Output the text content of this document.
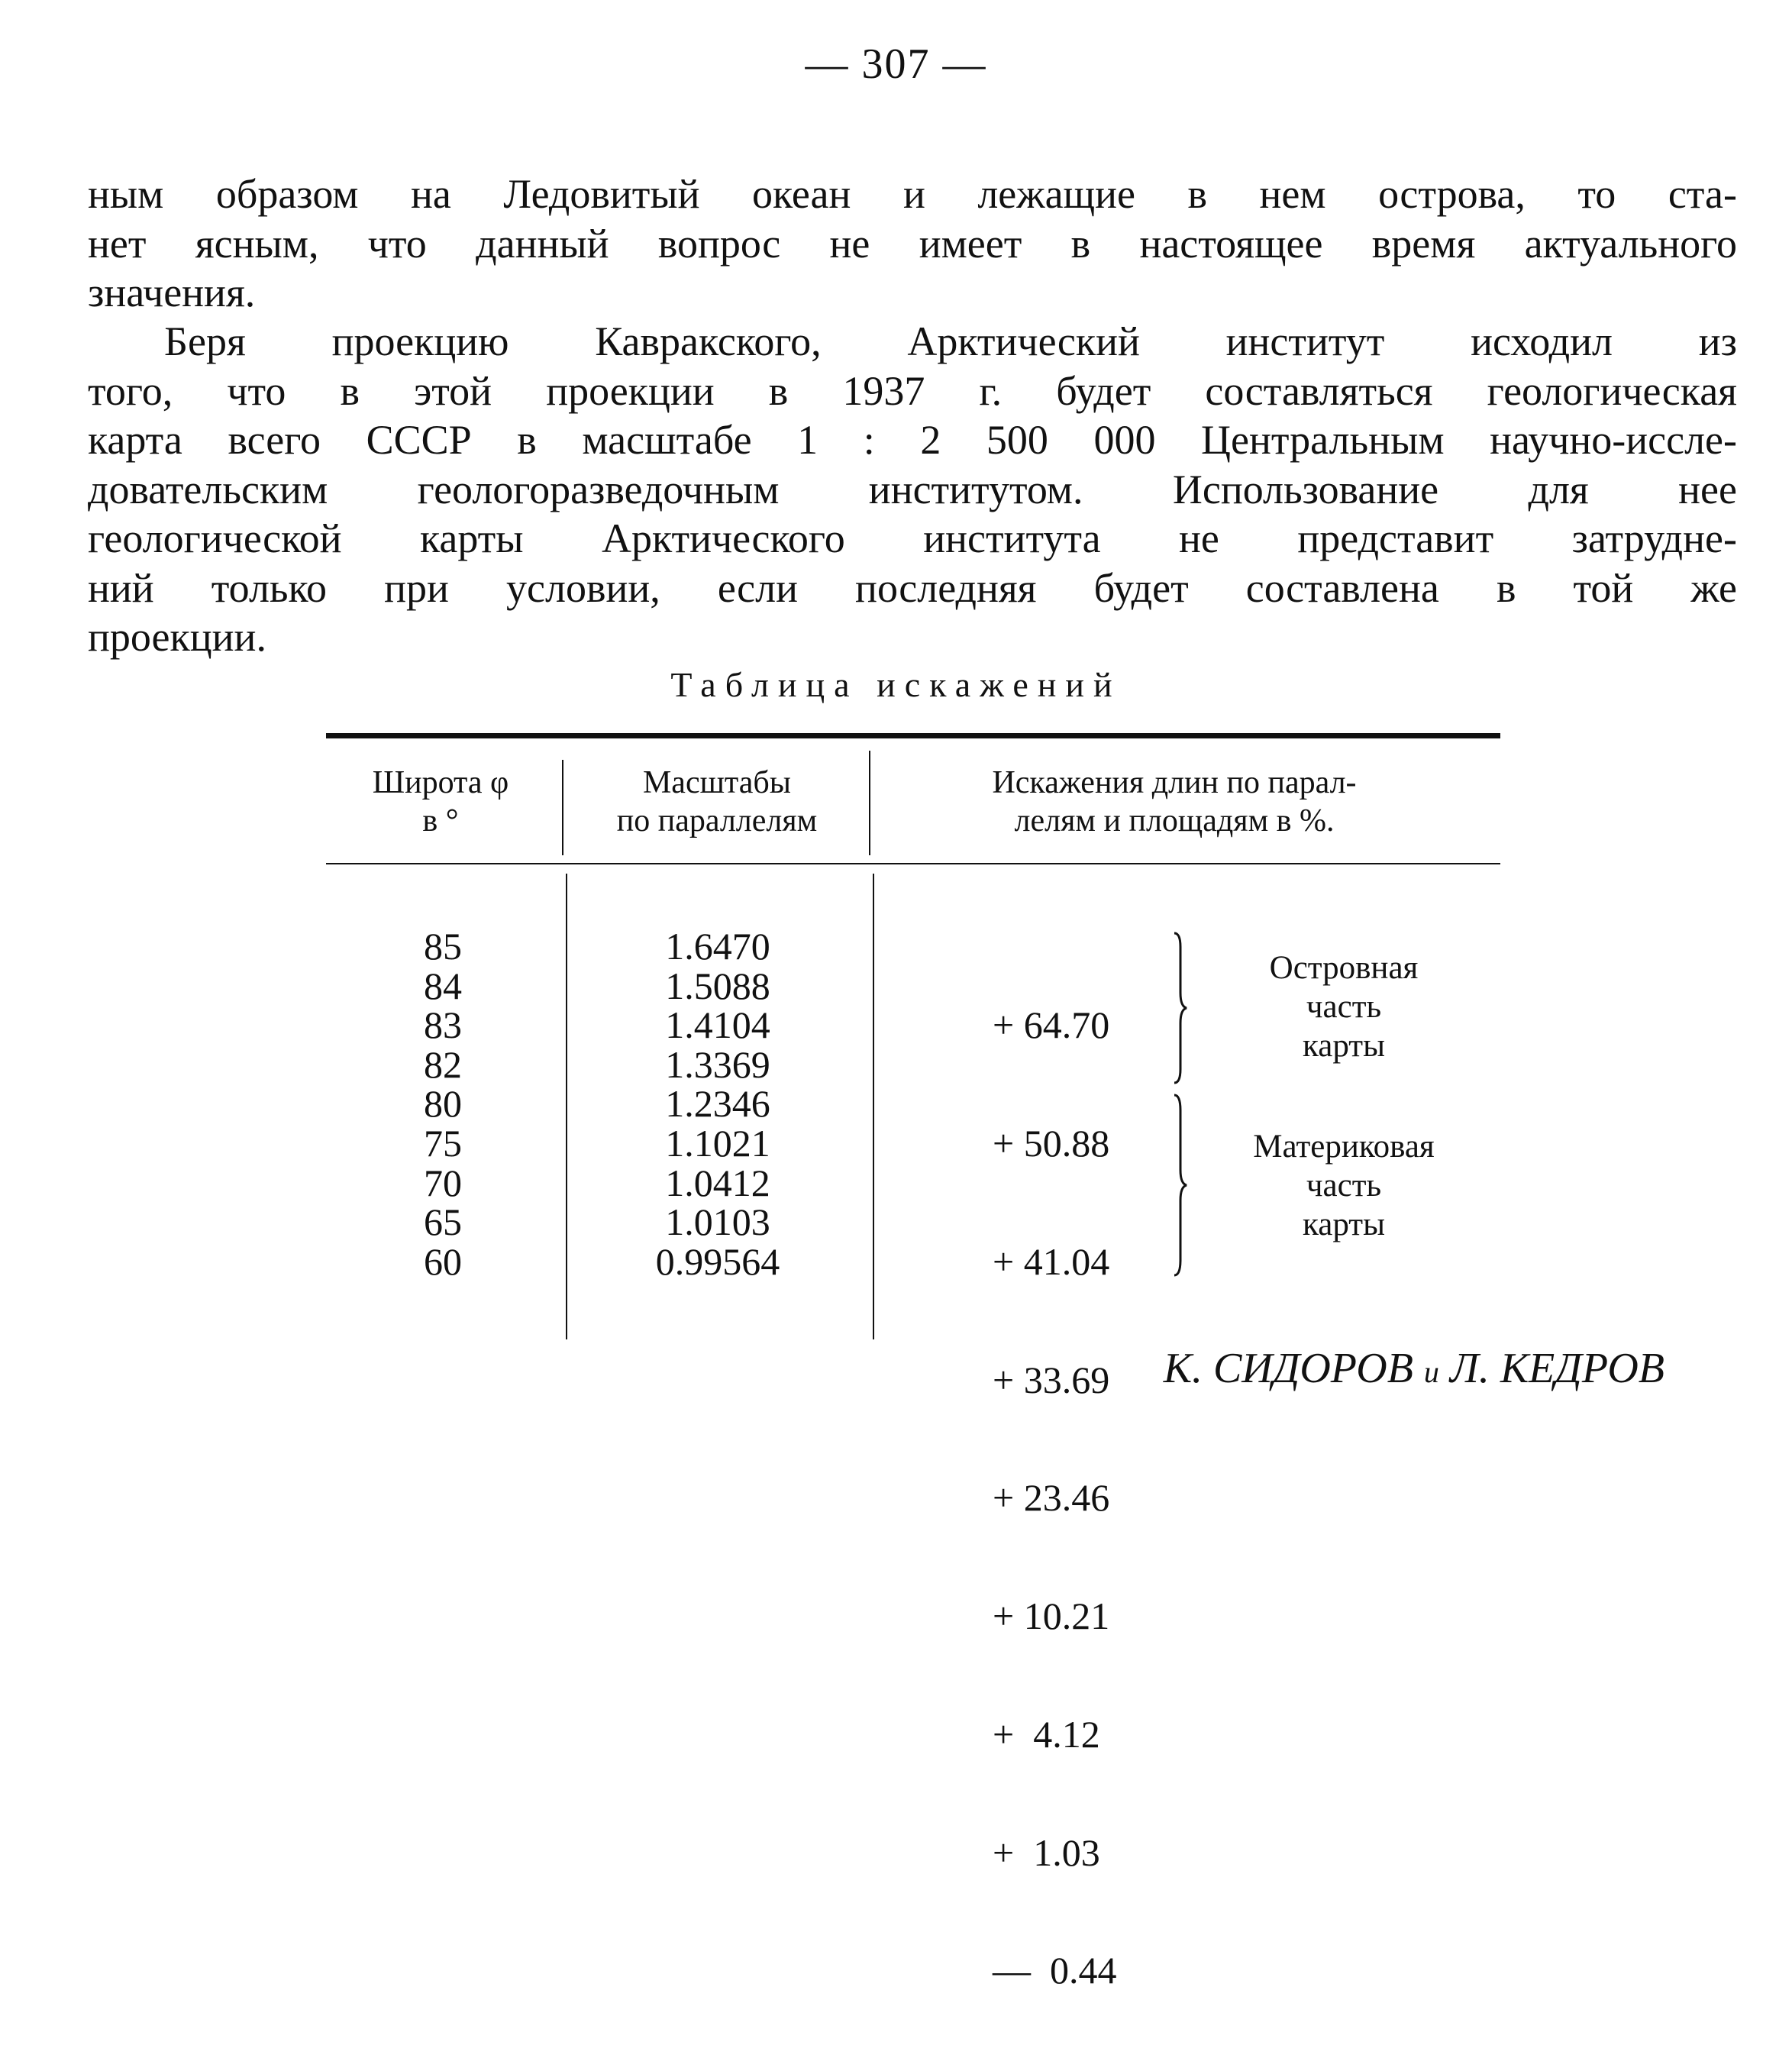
— 307 —
ным образом на Ледовитый океан и лежащие в нем острова, то ста-
нет ясным, что данный вопрос не имеет в настоящее время актуального
значения.
Беря проекцию Кавракского, Арктический институт исходил из
того, что в этой проекции в 1937 г. будет составляться геологическая
карта всего СССР в масштабе 1 : 2 500 000 Центральным научно-иссле-
довательским геологоразведочным институтом. Использование для нее
геологической карты Арктического института не представит затрудне-
ний только при условии, если последняя будет составлена в той же
проекции.
Таблица искажений
Широта φ
в °
Масштабы
по параллелям
Искажения длин по парал-
лелям и площадям в %.
85
84
83
82
80
75
70
65
60
1.6470
1.5088
1.4104
1.3369
1.2346
1.1021
1.0412
1.0103
0.99564

+ 64.70

+ 50.88

+ 41.04

+ 33.69

+ 23.46

+ 10.21

+  4.12

+  1.03

—  0.44

Островная
часть
карты
Материковая
часть
карты
К. СИДОРОВ и Л. КЕДРОВ
